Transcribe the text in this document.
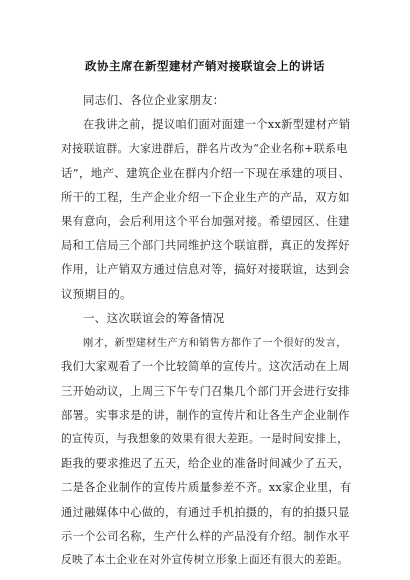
政协主席在新型建材产销对接联谊会上的讲话
同志们、各位企业家朋友：
在我讲之前，提议咱们面对面建一个xx新型建材产销
对接联谊群。大家进群后，群名片改为“企业名称+联系电
话”，地产、建筑企业在群内介绍一下现在承建的项目、
所干的工程，生产企业介绍一下企业生产的产品，双方如
果有意向，会后利用这个平台加强对接。希望园区、住建
局和工信局三个部门共同维护这个联谊群，真正的发挥好
作用，让产销双方通过信息对等，搞好对接联谊，达到会
议预期目的。
一、这次联谊会的筹备情况
刚才，新型建材生产方和销售方都作了一个很好的发言，
我们大家观看了一个比较简单的宣传片。这次活动在上周
三开始动议，上周三下午专门召集几个部门开会进行安排
部署。实事求是的讲，制作的宣传片和让各生产企业制作
的宣传页，与我想象的效果有很大差距。一是时间安排上，
距我的要求推迟了五天，给企业的准备时间减少了五天，
二是各企业制作的宣传片质量参差不齐。xx家企业里，有
通过融媒体中心做的，有通过手机拍摄的，有的拍摄只显
示一个公司名称，生产什么样的产品没有介绍。制作水平
反映了本土企业在对外宣传树立形象上面还有很大的差距。
